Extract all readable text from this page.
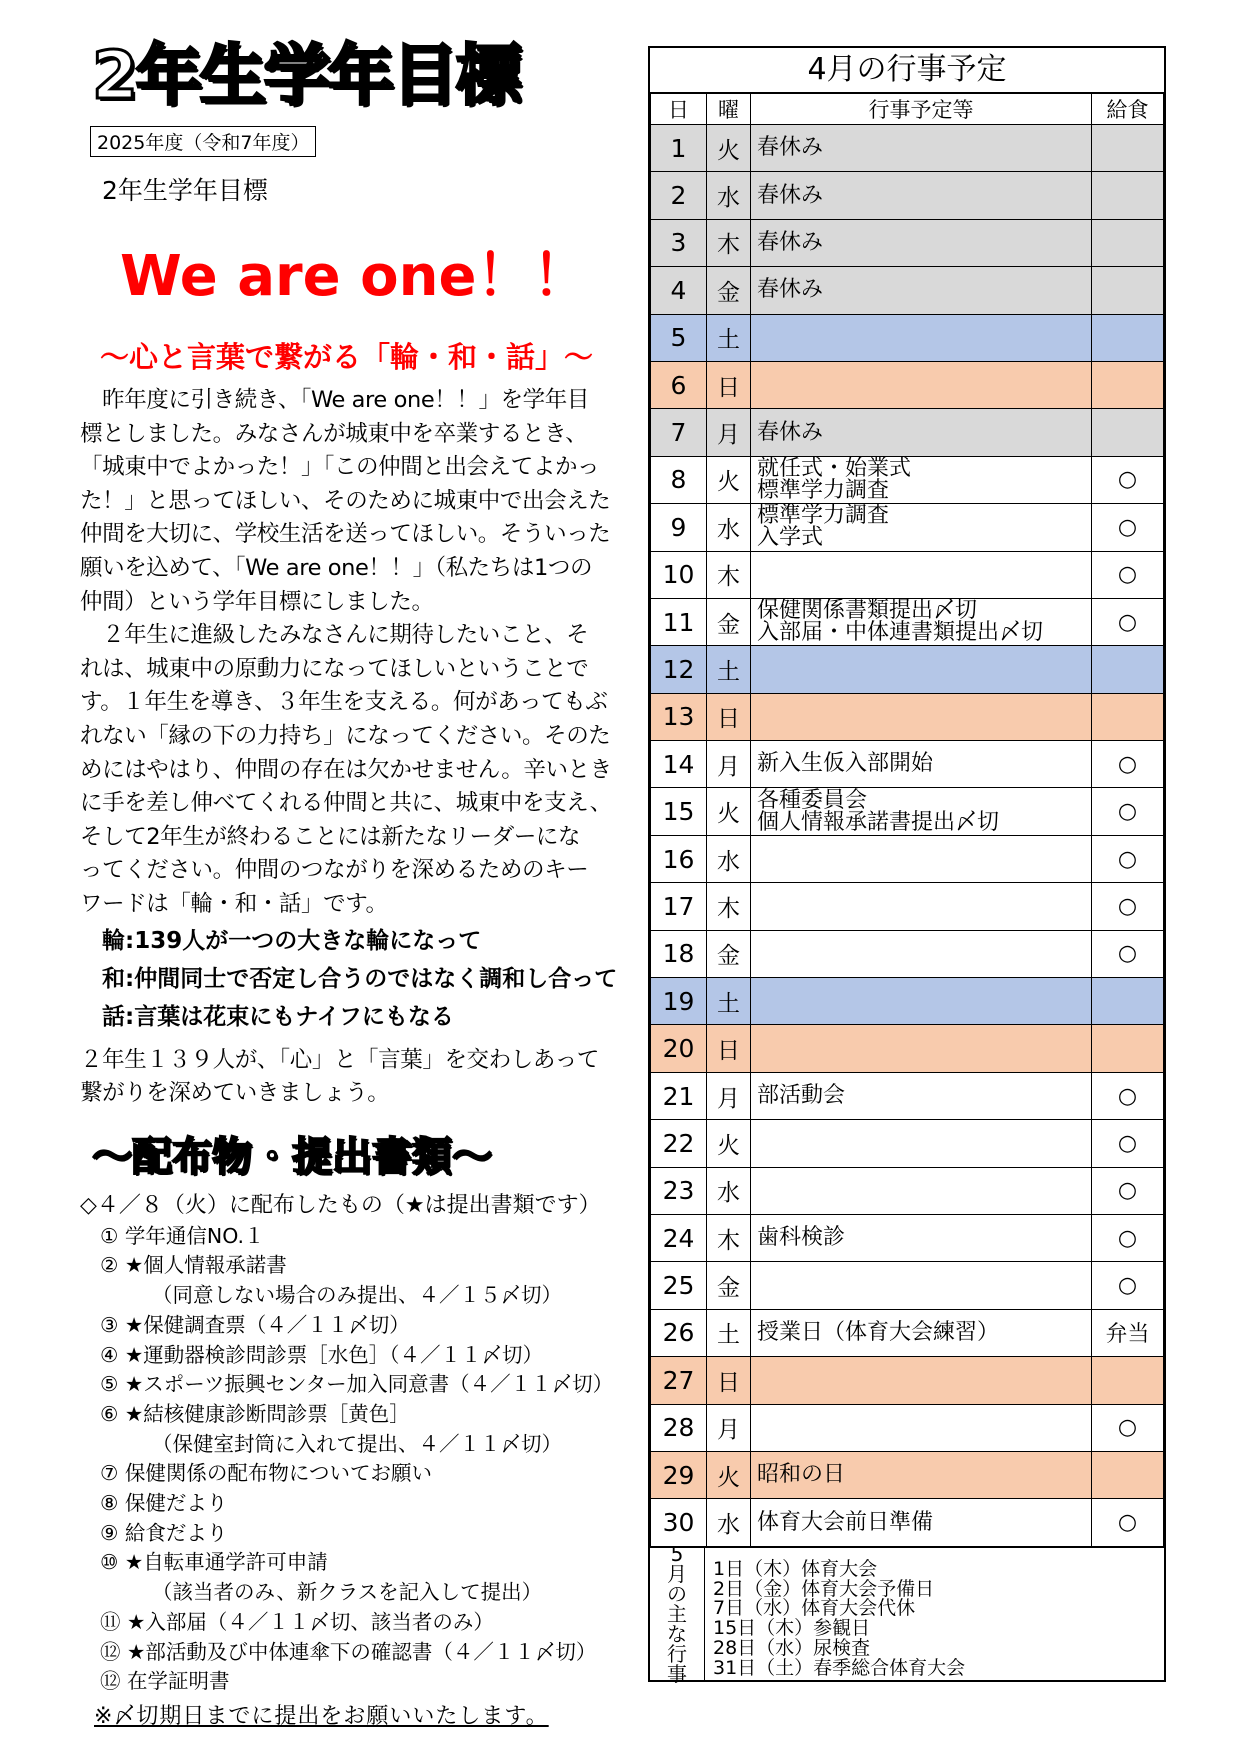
2年生学年目標
2025年度（令和7年度）
2年生学年目標
We are one！！
～心と言葉で繋がる「輪・和・話」～

　昨年度に引き続き、「We are one！！」を学年目

標としました。みなさんが城東中を卒業するとき、

「城東中でよかった！」「この仲間と出会えてよかっ

た！」と思ってほしい、そのために城東中で出会えた

仲間を大切に、学校生活を送ってほしい。そういった

願いを込めて、「We are one！！」（私たちは1つの

仲間）という学年目標にしました。

　２年生に進級したみなさんに期待したいこと、そ

れは、城東中の原動力になってほしいということで

す。１年生を導き、３年生を支える。何があってもぶ

れない「縁の下の力持ち」になってください。そのた

めにはやはり、仲間の存在は欠かせません。辛いとき

に手を差し伸べてくれる仲間と共に、城東中を支え、

そして2年生が終わることには新たなリーダーにな

ってください。仲間のつながりを深めるためのキー

ワードは「輪・和・話」です。

輪:139人が一つの大きな輪になって
和:仲間同士で否定し合うのではなく調和し合って
話:言葉は花束にもナイフにもなる

２年生１３９人が、「心」と「言葉」を交わしあって

繋がりを深めていきましょう。

～配布物・提出書類～
◇４／８（火）に配布したもの（★は提出書類です）
① 学年通信NO.１
② ★個人情報承諾書
（同意しない場合のみ提出、４／１５〆切）
③ ★保健調査票（４／１１〆切）
④ ★運動器検診問診票［水色］（４／１１〆切）
⑤ ★スポーツ振興センター加入同意書（４／１１〆切）
⑥ ★結核健康診断問診票［黄色］
（保健室封筒に入れて提出、４／１１〆切）
⑦ 保健関係の配布物についてお願い
⑧ 保健だより
⑨ 給食だより
⑩ ★自転車通学許可申請
（該当者のみ、新クラスを記入して提出）
⑪ ★入部届（４／１１〆切、該当者のみ）
⑫ ★部活動及び中体連傘下の確認書（４／１１〆切）
⑫ 在学証明書
※〆切期日までに提出をお願いいたします。
4月の行事予定
日	曜	行事予定等	給食
1	火	春休み	

2	水	春休み	

3	木	春休み	

4	金	春休み	

5	土		
6	日		
7	月	春休み	

8	火	就任式・始業式
標準学力調査	○
9	水	標準学力調査
入学式	○
10	木		○
11	金	保健関係書類提出〆切
入部届・中体連書類提出〆切	○
12	土		
13	日		
14	月	新入生仮入部開始	○
15	火	各種委員会
個人情報承諾書提出〆切	○
16	水		○
17	木		○
18	金		○
19	土		
20	日		
21	月	部活動会	○
22	火		○
23	水		○
24	木	歯科検診	○
25	金		○
26	土	授業日（体育大会練習）	弁当
27	日		
28	月		○
29	火	昭和の日	

30	水	体育大会前日準備	○
5
月
の
主
な
行
事
1日（木）体育大会
2日（金）体育大会予備日
7日（水）体育大会代休
15日（木）参観日
28日（水）尿検査
31日（土）春季総合体育大会
